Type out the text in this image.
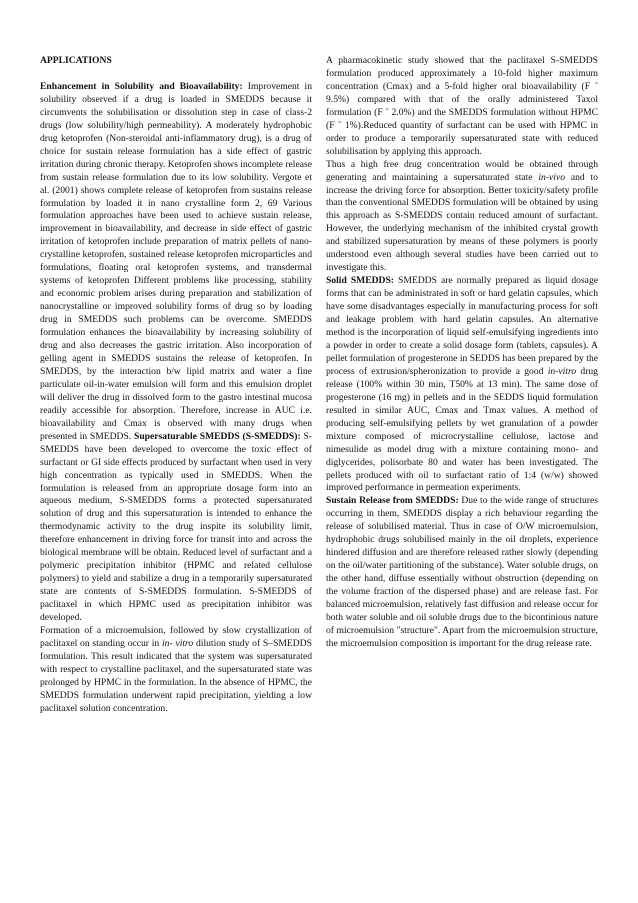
APPLICATIONS

Enhancement in Solubility and Bioavailability: Improvement in solubility observed if a drug is loaded in SMEDDS because it circumvents the solubilisation or dissolution step in case of class-2 drugs (low solubility/high permeability). A moderately hydrophobic drug ketoprofen (Non-steroidal anti-inflammatory drug), is a drug of choice for sustain release formulation has a side effect of gastric irritation during chronic therapy. Ketoprofen shows incomplete release from sustain release formulation due to its low solubility. Vergote et al. (2001) shows complete release of ketoprofen from sustains release formulation by loaded it in nano crystalline form 2, 69 Various formulation approaches have been used to achieve sustain release, improvement in bioavailability, and decrease in side effect of gastric irritation of ketoprofen include preparation of matrix pellets of nano-crystalline ketoprofen, sustained release ketoprofen microparticles and formulations, floating oral ketoprofen systems, and transdermal systems of ketoprofen Different problems like processing, stability and economic problem arises during preparation and stabilization of nanocrystalline or improved solubility forms of drug so by loading drug in SMEDDS such problems can be overcome. SMEDDS formulation enhances the bioavailability by increasing solubility of drug and also decreases the gastric irritation. Also incorporation of gelling agent in SMEDDS sustains the release of ketoprofen. In SMEDDS, by the interaction b/w lipid matrix and water a fine particulate oil-in-water emulsion will form and this emulsion droplet will deliver the drug in dissolved form to the gastro intestinal mucosa readily accessible for absorption. Therefore, increase in AUC i.e. bioavailability and Cmax is observed with many drugs when presented in SMEDDS. Supersaturable SMEDDS (S-SMEDDS): S-SMEDDS have been developed to overcome the toxic effect of surfactant or GI side effects produced by surfactant when used in very high concentration as typically used in SMEDDS. When the formulation is released from an appropriate dosage form into an aqueous medium, S-SMEDDS forms a protected supersaturated solution of drug and this supersaturation is intended to enhance the thermodynamic activity to the drug inspite its solubility limit, therefore enhancement in driving force for transit into and across the biological membrane will be obtain. Reduced level of surfactant and a polymeric precipitation inhibitor (HPMC and related cellulose polymers) to yield and stabilize a drug in a temporarily supersaturated state are contents of S-SMEDDS formulation. S-SMEDDS of paclitaxel in which HPMC used as precipitation inhibitor was developed.

Formation of a microemulsion, followed by slow crystallization of paclitaxel on standing occur in in- vitro dilution study of S–SMEDDS formulation. This result indicated that the system was supersaturated with respect to crystalline paclitaxel, and the supersaturated state was prolonged by HPMC in the formulation. In the absence of HPMC, the SMEDDS formulation underwent rapid precipitation, yielding a low paclitaxel solution concentration.

A pharmacokinetic study showed that the paclitaxel S-SMEDDS formulation produced approximately a 10-fold higher maximum concentration (Cmax) and a 5-fold higher oral bioavailability (F ˜ 9.5%) compared with that of the orally administered Taxol formulation (F ˜ 2.0%) and the SMEDDS formulation without HPMC (F ˜ 1%).Reduced quantity of surfactant can be used with HPMC in order to produce a temporarily supersaturated state with reduced solubilisation by applying this approach.

Thus a high free drug concentration would be obtained through generating and maintaining a supersaturated state in-vivo and to increase the driving force for absorption. Better toxicity/safety profile than the conventional SMEDDS formulation will be obtained by using this approach as S-SMEDDS contain reduced amount of surfactant. However, the underlying mechanism of the inhibited crystal growth and stabilized supersaturation by means of these polymers is poorly understood even although several studies have been carried out to investigate this.

Solid SMEDDS: SMEDDS are normally prepared as liquid dosage forms that can be administrated in soft or hard gelatin capsules, which have some disadvantages especially in manufacturing process for soft and leakage problem with hard gelatin capsules. An alternative method is the incorporation of liquid self-emulsifying ingredients into a powder in order to create a solid dosage form (tablets, capsules). A pellet formulation of progesterone in SEDDS has been prepared by the process of extrusion/spheronization to provide a good in-vitro drug release (100% within 30 min, T50% at 13 min). The same dose of progesterone (16 mg) in pellets and in the SEDDS liquid formulation resulted in similar AUC, Cmax and Tmax values. A method of producing self-emulsifying pellets by wet granulation of a powder mixture composed of microcrystalline cellulose, lactose and nimesulide as model drug with a mixture containing mono- and diglycerides, polisorbate 80 and water has been investigated. The pellets produced with oil to surfactant ratio of 1:4 (w/w) showed improved performance in permeation experiments.

Sustain Release from SMEDDS: Due to the wide range of structures occurring in them, SMEDDS display a rich behaviour regarding the release of solubilised material. Thus in case of O/W microemulsion, hydrophobic drugs solubilised mainly in the oil droplets, experience hindered diffusion and are therefore released rather slowly (depending on the oil/water partitioning of the substance). Water soluble drugs, on the other hand, diffuse essentially without obstruction (depending on the volume fraction of the dispersed phase) and are release fast. For balanced microemulsion, relatively fast diffusion and release occur for both water soluble and oil soluble drugs due to the bicontinious nature of microemulsion "structure". Apart from the microemulsion structure, the microemulsion composition is important for the drug release rate.
